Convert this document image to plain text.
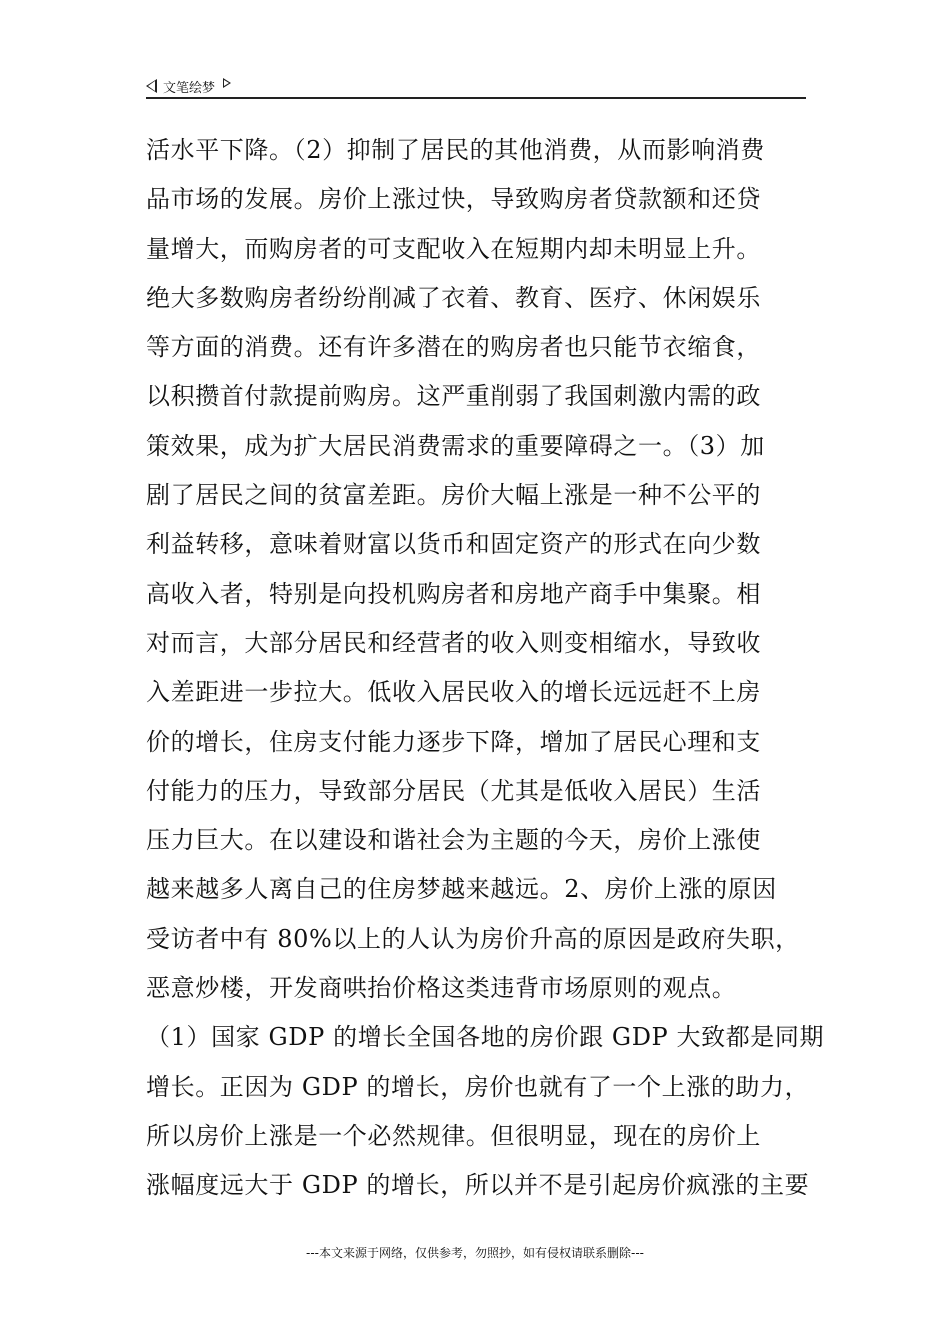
文笔绘梦
活水平下降。（2）抑制了居民的其他消费，从而影响消费
品市场的发展。房价上涨过快，导致购房者贷款额和还贷
量增大，而购房者的可支配收入在短期内却未明显上升。
绝大多数购房者纷纷削减了衣着、教育、医疗、休闲娱乐
等方面的消费。还有许多潜在的购房者也只能节衣缩食，
以积攒首付款提前购房。这严重削弱了我国刺激内需的政
策效果，成为扩大居民消费需求的重要障碍之一。（3）加
剧了居民之间的贫富差距。房价大幅上涨是一种不公平的
利益转移，意味着财富以货币和固定资产的形式在向少数
高收入者，特别是向投机购房者和房地产商手中集聚。相
对而言，大部分居民和经营者的收入则变相缩水，导致收
入差距进一步拉大。低收入居民收入的增长远远赶不上房
价的增长，住房支付能力逐步下降，增加了居民心理和支
付能力的压力，导致部分居民（尤其是低收入居民）生活
压力巨大。在以建设和谐社会为主题的今天，房价上涨使
越来越多人离自己的住房梦越来越远。2、房价上涨的原因
受访者中有 80%以上的人认为房价升高的原因是政府失职，
恶意炒楼，开发商哄抬价格这类违背市场原则的观点。
（1）国家 GDP 的增长全国各地的房价跟 GDP 大致都是同期
增长。正因为 GDP 的增长，房价也就有了一个上涨的助力，
所以房价上涨是一个必然规律。但很明显，现在的房价上
涨幅度远大于 GDP 的增长，所以并不是引起房价疯涨的主要
---本文来源于网络，仅供参考，勿照抄，如有侵权请联系删除---
